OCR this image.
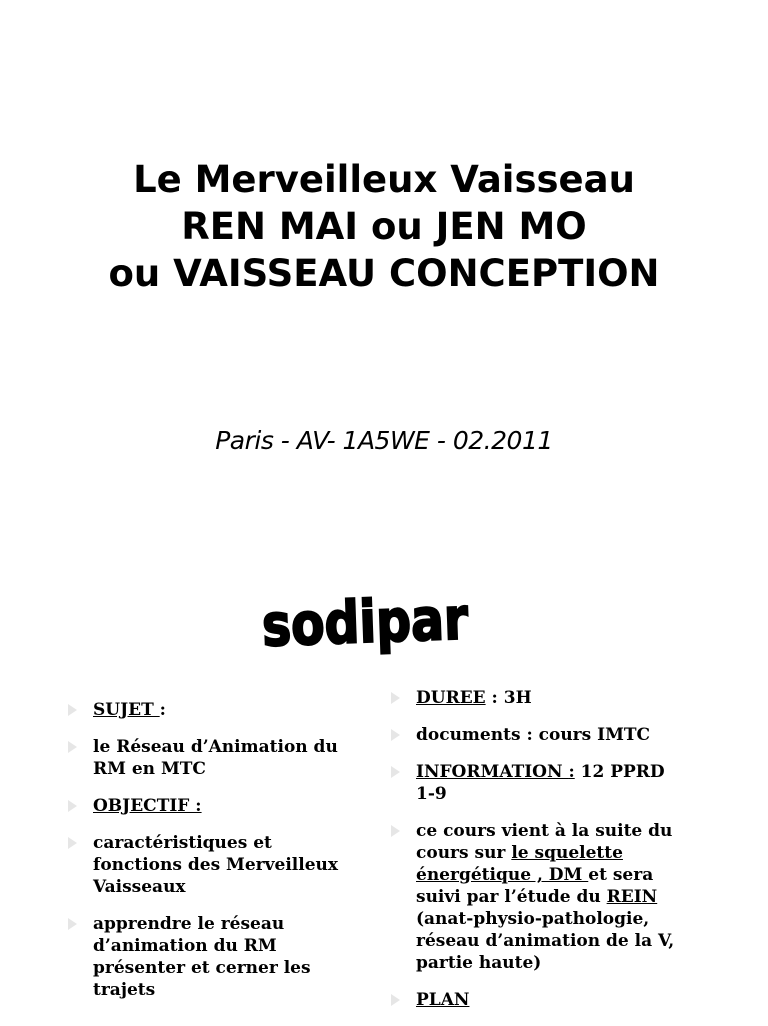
Le Merveilleux Vaisseau
REN MAI ou JEN MO
ou VAISSEAU CONCEPTION
Paris - AV- 1A5WE - 02.2011
sodipar
SUJET :
le Réseau d’Animation du RM en MTC
OBJECTIF :
caractéristiques et fonctions des Merveilleux Vaisseaux
apprendre le réseau d’animation du RM présenter et cerner les trajets
DUREE : 3H
documents : cours IMTC
INFORMATION : 12 PPRD 1-9
ce cours vient à la suite du cours sur le squelette énergétique , DM et sera suivi par l’étude du REIN (anat-physio-pathologie, réseau d’animation de la V, partie haute)
PLAN
